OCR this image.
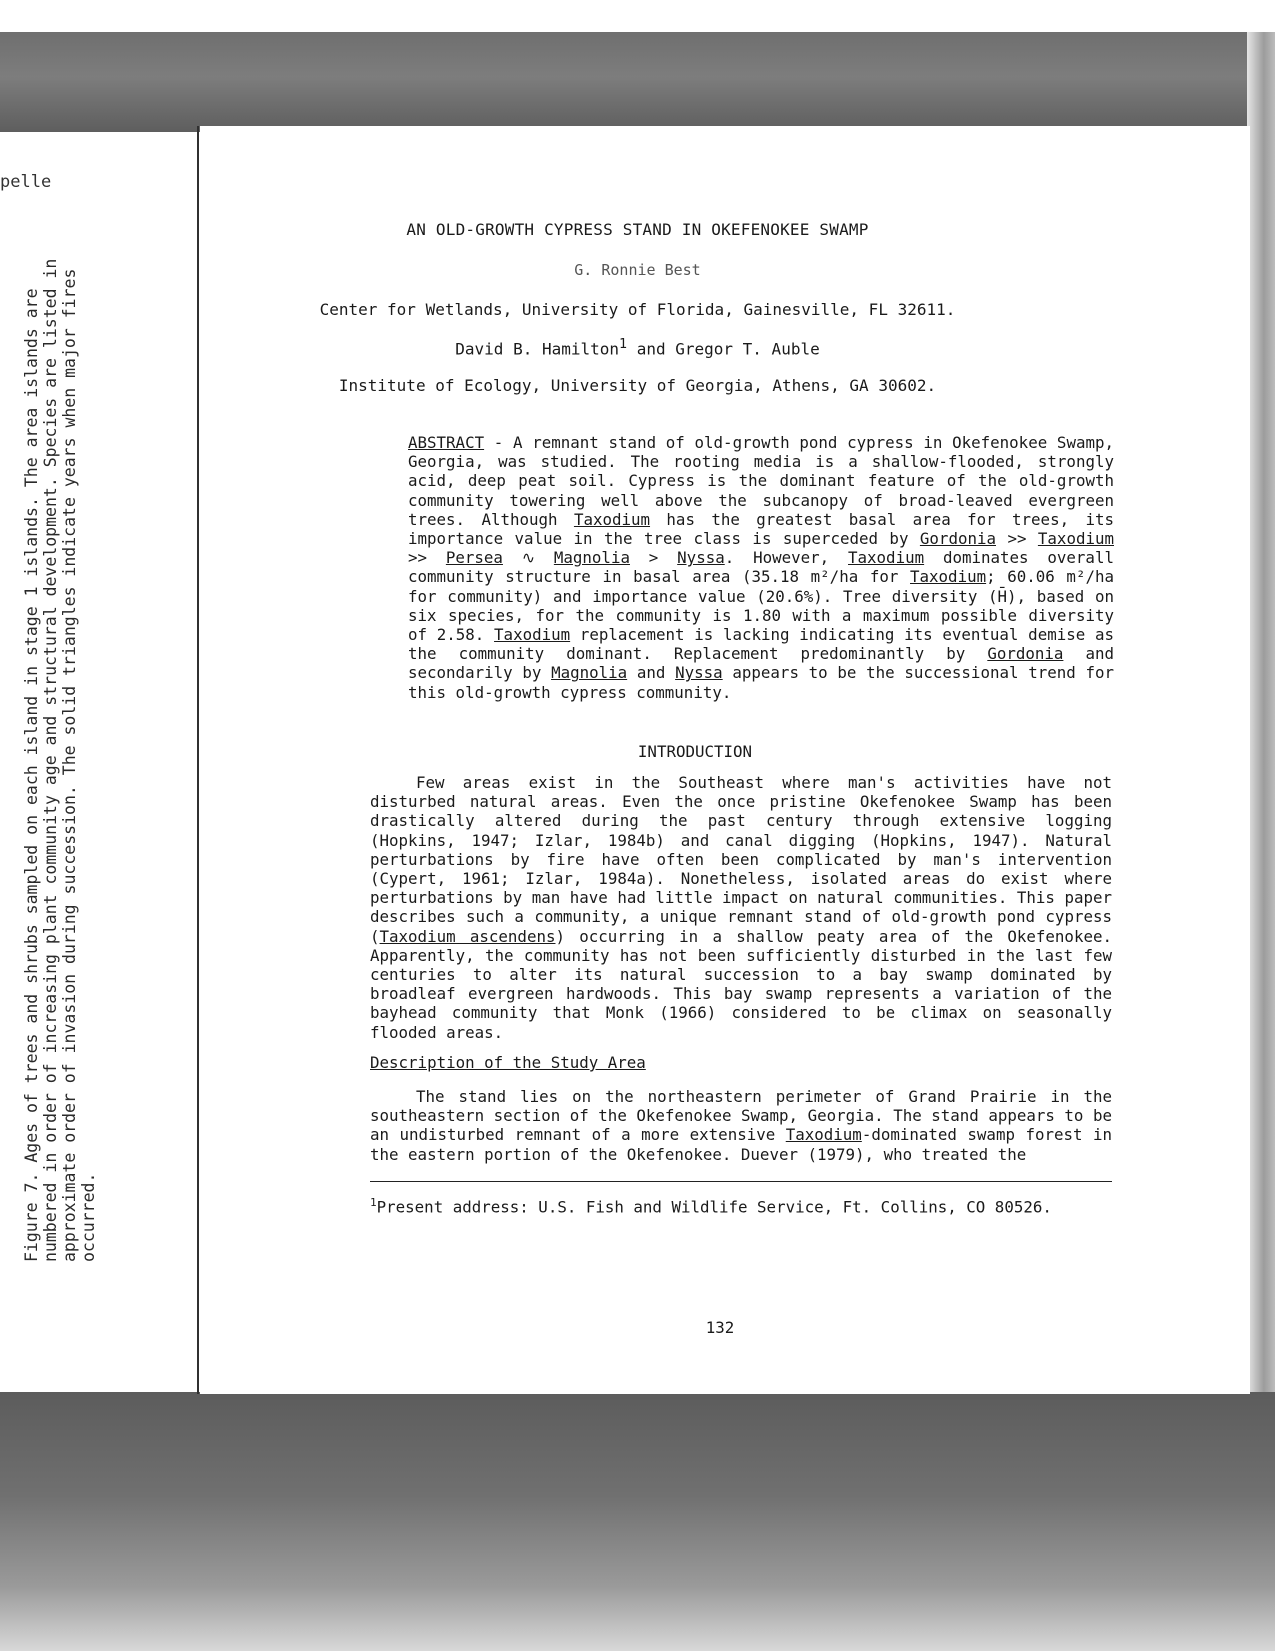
pelle
Figure 7. Ages of trees and shrubs sampled on each island in stage 1 islands. The area islands are numbered in order of increasing plant community age and structural development. Species are listed in approximate order of invasion during succession. The solid triangles indicate years when major fires occurred.
AN OLD-GROWTH CYPRESS STAND IN OKEFENOKEE SWAMP
G. Ronnie Best
Center for Wetlands, University of Florida, Gainesville, FL 32611.
David B. Hamilton$^1$ and Gregor T. Auble
Institute of Ecology, University of Georgia, Athens, GA 30602.

ABSTRACT - A remnant stand of old-growth pond cypress in Okefenokee Swamp, Georgia, was studied. The rooting media is a shallow-flooded, strongly acid, deep peat soil. Cypress is the dominant feature of the old-growth community towering well above the subcanopy of broad-leaved evergreen trees. Although Taxodium has the greatest basal area for trees, its importance value in the tree class is superceded by Gordonia >> Taxodium >> Persea ∿ Magnolia > Nyssa. However, Taxodium dominates overall community structure in basal area (35.18 m²/ha for Taxodium; 60.06 m²/ha for community) and importance value (20.6%). Tree diversity (H̄), based on six species, for the community is 1.80 with a maximum possible diversity of 2.58. Taxodium replacement is lacking indicating its eventual demise as the community dominant. Replacement predominantly by Gordonia and secondarily by Magnolia and Nyssa appears to be the successional trend for this old-growth cypress community.

INTRODUCTION

Few areas exist in the Southeast where man's activities have not disturbed natural areas. Even the once pristine Okefenokee Swamp has been drastically altered during the past century through extensive logging (Hopkins, 1947; Izlar, 1984b) and canal digging (Hopkins, 1947). Natural perturbations by fire have often been complicated by man's intervention (Cypert, 1961; Izlar, 1984a). Nonetheless, isolated areas do exist where perturbations by man have had little impact on natural communities. This paper describes such a community, a unique remnant stand of old-growth pond cypress (Taxodium ascendens) occurring in a shallow peaty area of the Okefenokee. Apparently, the community has not been sufficiently disturbed in the last few centuries to alter its natural succession to a bay swamp dominated by broadleaf evergreen hardwoods. This bay swamp represents a variation of the bayhead community that Monk (1966) considered to be climax on seasonally flooded areas.

Description of the Study Area

The stand lies on the northeastern perimeter of Grand Prairie in the southeastern section of the Okefenokee Swamp, Georgia. The stand appears to be an undisturbed remnant of a more extensive Taxodium-dominated swamp forest in the eastern portion of the Okefenokee. Duever (1979), who treated the

$^1$Present address: U.S. Fish and Wildlife Service, Ft. Collins, CO 80526.
132
